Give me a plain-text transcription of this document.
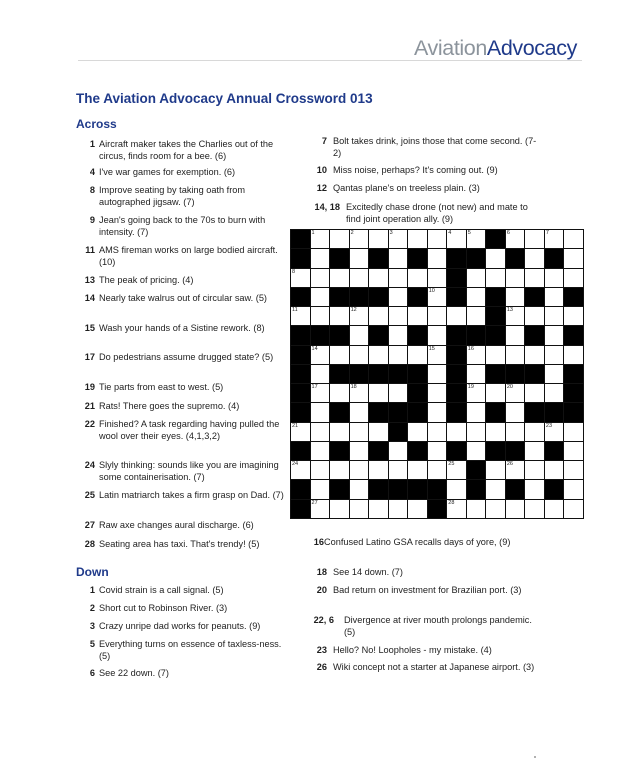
AviationAdvocacy
The Aviation Advocacy Annual Crossword 013
Across
Down
1 Aircraft maker takes the Charlies out of the circus, finds room for a bee. (6)
4 I've war games for exemption. (6)
8 Improve seating by taking oath from autographed jigsaw. (7)
9 Jean's going back to the 70s to burn with intensity. (7)
11 AMS fireman works on large bodied aircraft. (10)
13 The peak of pricing. (4)
14 Nearly take walrus out of circular saw. (5)
15 Wash your hands of a Sistine rework. (8)
17 Do pedestrians assume drugged state? (5)
19 Tie parts from east to west. (5)
21 Rats! There goes the supremo. (4)
22 Finished? A task regarding having pulled the wool over their eyes. (4,1,3,2)
24 Slyly thinking: sounds like you are imagining some containerisation. (7)
25 Latin matriarch takes a firm grasp on Dad. (7)
27 Raw axe changes aural discharge. (6)
28 Seating area has taxi. That's trendy! (5)
7 Bolt takes drink, joins those that come second. (7-2)
10 Miss noise, perhaps? It's coming out. (9)
12 Qantas plane's on treeless plain. (3)
14, 18 Excitedly chase drone (not new) and mate to find joint operation ally. (9)
1	2	3	4	5	6	7
8
10
11	12	13
14	15	16
17	18	19	20
21	23
24	25	26
27	28
1 Covid strain is a call signal. (5)
2 Short cut to Robinson River. (3)
3 Crazy unripe dad works for peanuts. (9)
5 Everything turns on essence of taxless-ness. (5)
6 See 22 down. (7)
16 Confused Latino GSA recalls days of yore, (9)
18 See 14 down. (7)
20 Bad return on investment for Brazilian port. (3)
22, 6 Divergence at river mouth prolongs pandemic. (5)
23 Hello? No! Loopholes - my mistake. (4)
26 Wiki concept not a starter at Japanese airport. (3)
